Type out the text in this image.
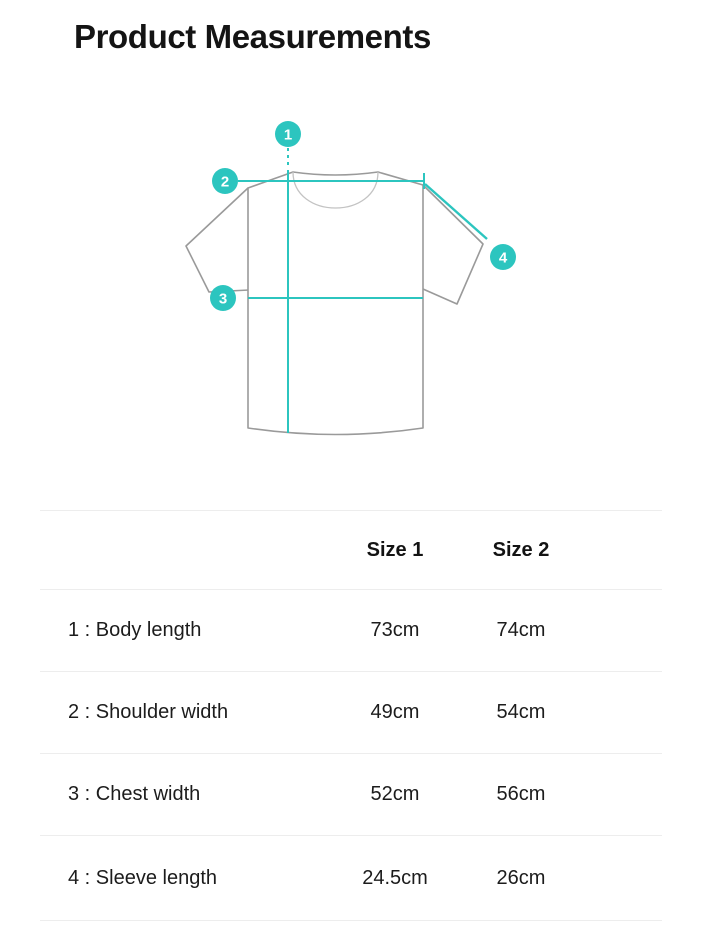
Product Measurements
1
2
3
4
Size 1	Size 2
1 : Body length	73cm	74cm
2 : Shoulder width	49cm	54cm
3 : Chest width	52cm	56cm
4 : Sleeve length	24.5cm	26cm
